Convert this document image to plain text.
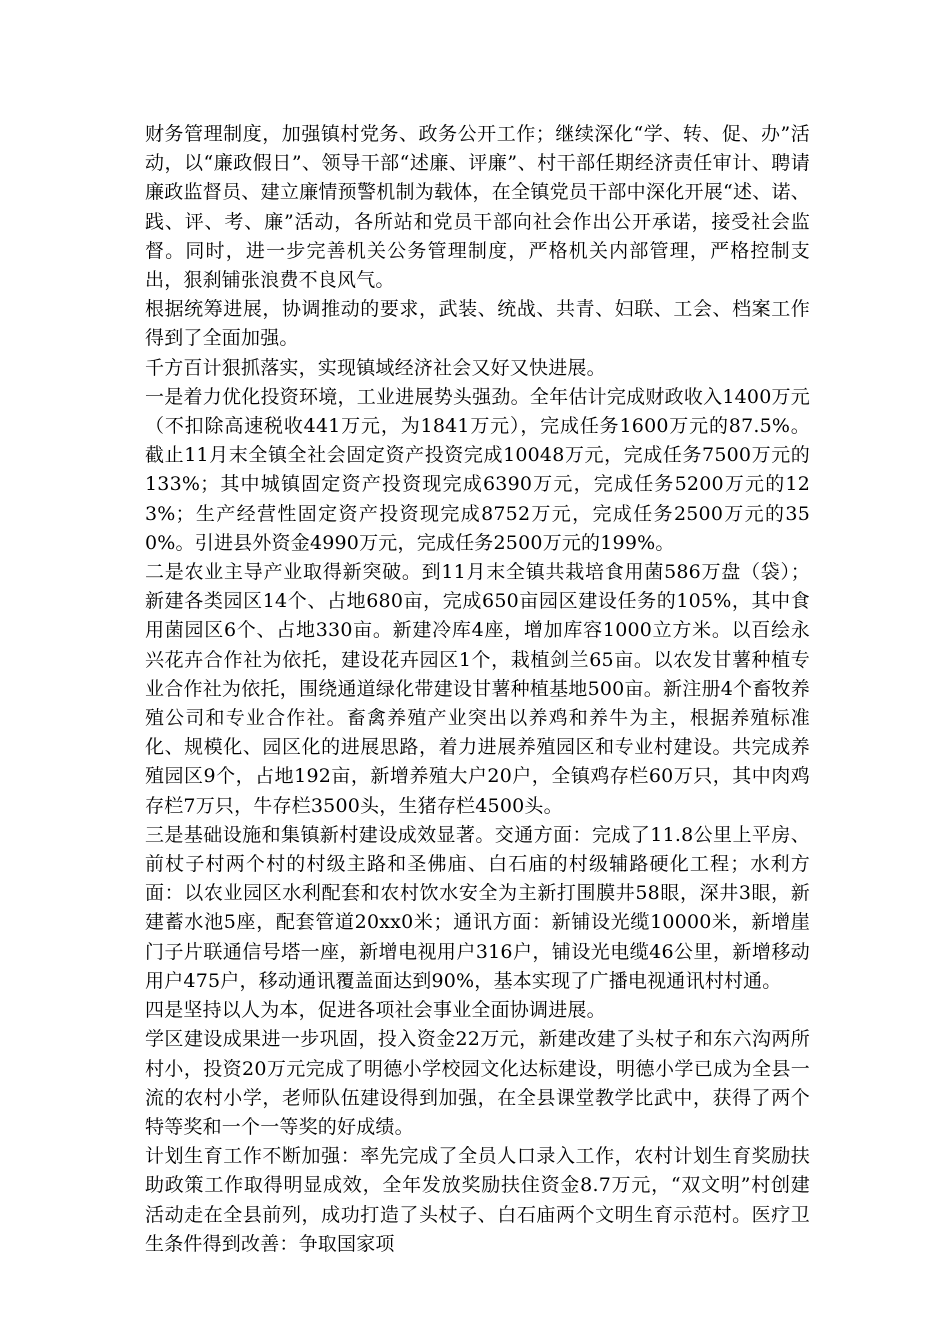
财务管理制度，加强镇村党务、政务公开工作；继续深化“学、转、促、办”活动，以“廉政假日”、领导干部“述廉、评廉”、村干部任期经济责任审计、聘请廉政监督员、建立廉情预警机制为载体，在全镇党员干部中深化开展“述、诺、践、评、考、廉”活动，各所站和党员干部向社会作出公开承诺，接受社会监督。同时，进一步完善机关公务管理制度，严格机关内部管理，严格控制支出，狠刹铺张浪费不良风气。

根据统筹进展，协调推动的要求，武装、统战、共青、妇联、工会、档案工作得到了全面加强。

千方百计狠抓落实，实现镇域经济社会又好又快进展。

一是着力优化投资环境，工业进展势头强劲。全年估计完成财政收入1400万元（不扣除高速税收441万元，为1841万元），完成任务1600万元的87.5%。截止11月末全镇全社会固定资产投资完成10048万元，完成任务7500万元的133%；其中城镇固定资产投资现完成6390万元，完成任务5200万元的123%；生产经营性固定资产投资现完成8752万元，完成任务2500万元的350%。引进县外资金4990万元，完成任务2500万元的199%。

二是农业主导产业取得新突破。到11月末全镇共栽培食用菌586万盘（袋）；新建各类园区14个、占地680亩，完成650亩园区建设任务的105%，其中食用菌园区6个、占地330亩。新建冷库4座，增加库容1000立方米。以百绘永兴花卉合作社为依托，建设花卉园区1个，栽植剑兰65亩。以农发甘薯种植专业合作社为依托，围绕通道绿化带建设甘薯种植基地500亩。新注册4个畜牧养殖公司和专业合作社。畜禽养殖产业突出以养鸡和养牛为主，根据养殖标准化、规模化、园区化的进展思路，着力进展养殖园区和专业村建设。共完成养殖园区9个，占地192亩，新增养殖大户20户，全镇鸡存栏60万只，其中肉鸡存栏7万只，牛存栏3500头，生猪存栏4500头。

三是基础设施和集镇新村建设成效显著。交通方面：完成了11.8公里上平房、前杖子村两个村的村级主路和圣佛庙、白石庙的村级辅路硬化工程；水利方面：以农业园区水利配套和农村饮水安全为主新打围膜井58眼，深井3眼，新建蓄水池5座，配套管道20xx0米；通讯方面：新铺设光缆10000米，新增崖门子片联通信号塔一座，新增电视用户316户，铺设光电缆46公里，新增移动用户475户，移动通讯覆盖面达到90%，基本实现了广播电视通讯村村通。

四是坚持以人为本，促进各项社会事业全面协调进展。

学区建设成果进一步巩固，投入资金22万元，新建改建了头杖子和东六沟两所村小，投资20万元完成了明德小学校园文化达标建设，明德小学已成为全县一流的农村小学，老师队伍建设得到加强，在全县课堂教学比武中，获得了两个特等奖和一个一等奖的好成绩。

计划生育工作不断加强：率先完成了全员人口录入工作，农村计划生育奖励扶助政策工作取得明显成效，全年发放奖励扶住资金8.7万元，“双文明”村创建活动走在全县前列，成功打造了头杖子、白石庙两个文明生育示范村。医疗卫生条件得到改善：争取国家项
